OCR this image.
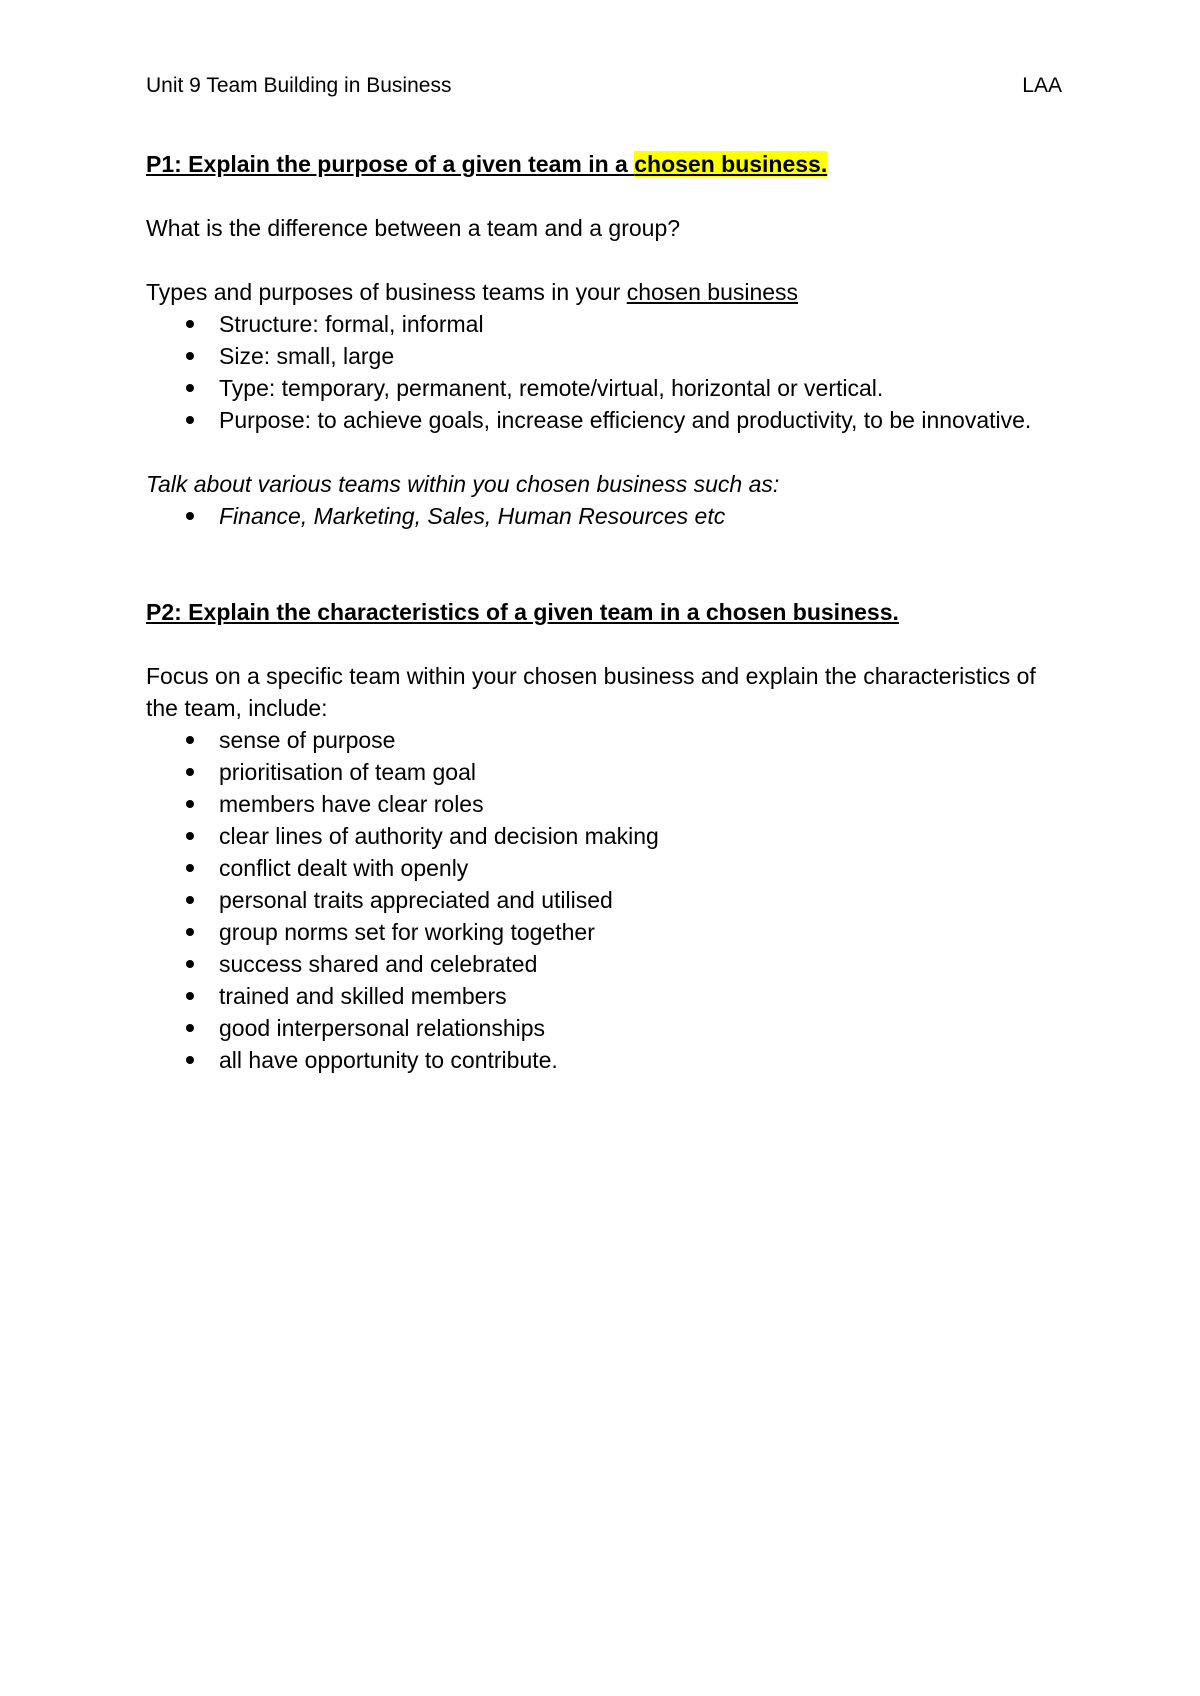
Unit 9 Team Building in Business	LAA

P1: Explain the purpose of a given team in a chosen business.

What is the difference between a team and a group?

Types and purposes of business teams in your chosen business

Structure: formal, informal
Size: small, large
Type: temporary, permanent, remote/virtual, horizontal or vertical.
Purpose: to achieve goals, increase efficiency and productivity, to be innovative.

Talk about various teams within you chosen business such as:

Finance, Marketing, Sales, Human Resources etc

P2: Explain the characteristics of a given team in a chosen business.

Focus on a specific team within your chosen business and explain the characteristics of the team, include:

sense of purpose
prioritisation of team goal
members have clear roles
clear lines of authority and decision making
conflict dealt with openly
personal traits appreciated and utilised
group norms set for working together
success shared and celebrated
trained and skilled members
good interpersonal relationships
all have opportunity to contribute.
